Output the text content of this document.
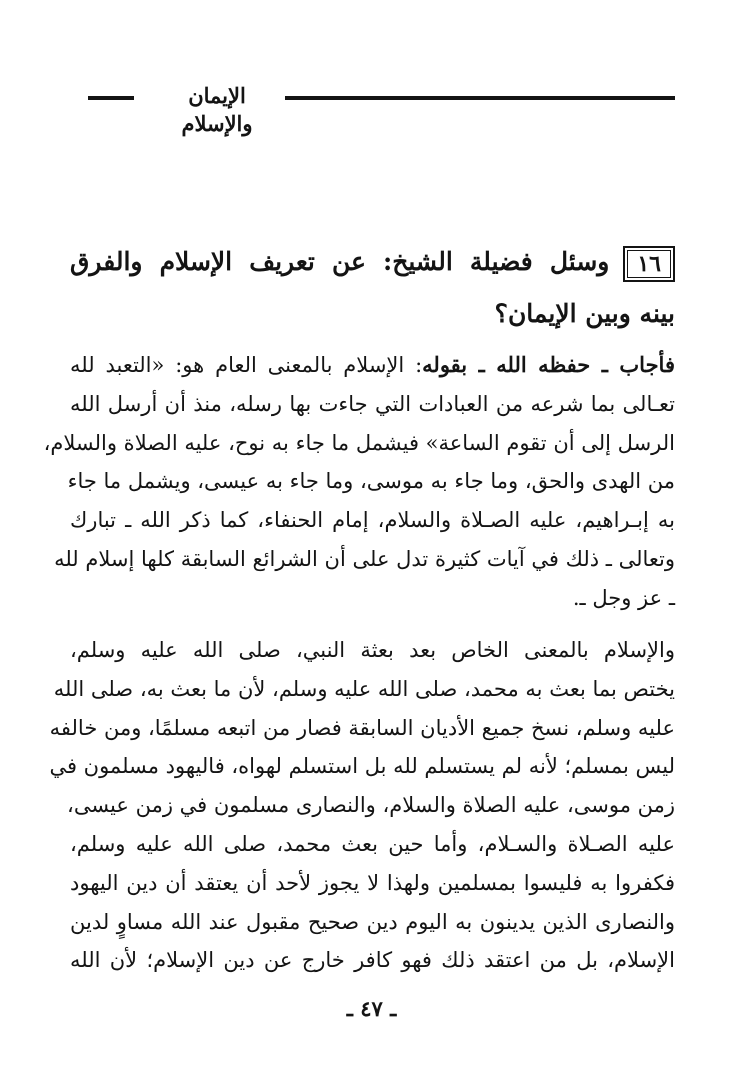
الإيمان والإسلام
١٦وسئل فضيلة الشيخ: عن تعريف الإسلام والفرق
بينه وبين الإيمان؟
فأجاب ـ حفظه الله ـ بقوله: الإسلام بالمعنى العام هو: «التعبد لله
تعـالى بما شرعه من العبادات التي جاءت بها رسله، منذ أن أرسل الله
الرسل إلى أن تقوم الساعة» فيشمل ما جاء به نوح، عليه الصلاة والسلام،
من الهدى والحق، وما جاء به موسى، وما جاء به عيسى، ويشمل ما جاء
به إبـراهيم، عليه الصـلاة والسلام، إمام الحنفاء، كما ذكر الله ـ تبارك
وتعالى ـ ذلك في آيات كثيرة تدل على أن الشرائع السابقة كلها إسلام لله
ـ عز وجل ـ.
والإسلام بالمعنى الخاص بعد بعثة النبي، صلى الله عليه وسلم،
يختص بما بعث به محمد، صلى الله عليه وسلم، لأن ما بعث به، صلى الله
عليه وسلم، نسخ جميع الأديان السابقة فصار من اتبعه مسلمًا، ومن خالفه
ليس بمسلم؛ لأنه لم يستسلم لله بل استسلم لهواه، فاليهود مسلمون في
زمن موسى، عليه الصلاة والسلام، والنصارى مسلمون في زمن عيسى،
عليه الصـلاة والسـلام، وأما حين بعث محمد، صلى الله عليه وسلم،
فكفروا به فليسوا بمسلمين ولهذا لا يجوز لأحد أن يعتقد أن دين اليهود
والنصارى الذين يدينون به اليوم دين صحيح مقبول عند الله مساوٍ لدين
الإسلام، بل من اعتقد ذلك فهو كافر خارج عن دين الإسلام؛ لأن الله
ـ ٤٧ ـ
